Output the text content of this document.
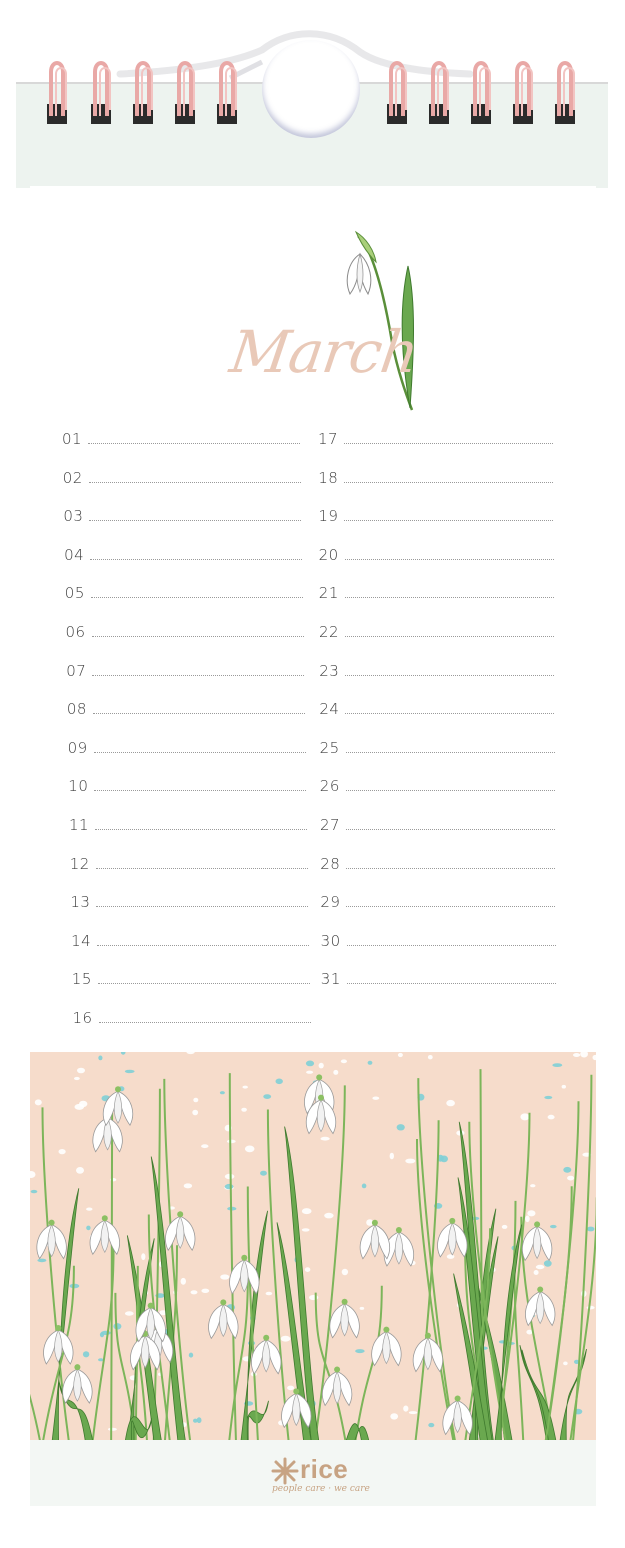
March
01
02
03
04
05
06
07
08
09
10
11
12
13
14
15
16
17
18
19
20
21
22
23
24
25
26
27
28
29
30
31
rice
people care · we care
